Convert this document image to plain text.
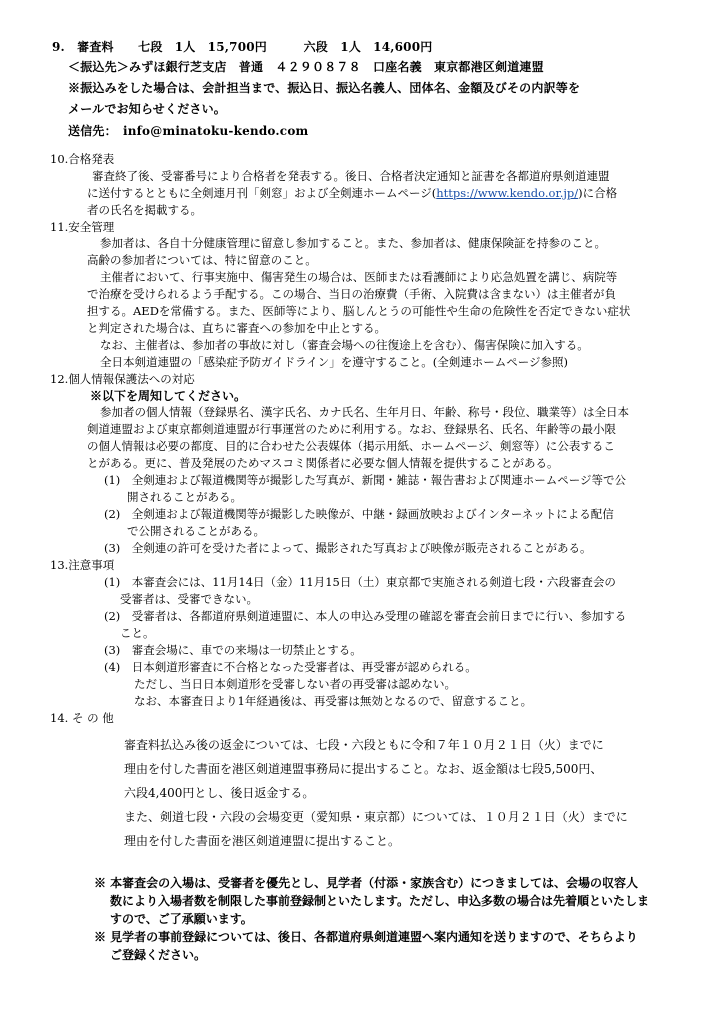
9.　審査料　　七段　1人　15,700円　　　六段　1人　14,600円
＜振込先＞みずほ銀行芝支店　普通　４２９０８７８　口座名義　東京都港区剣道連盟
※振込みをした場合は、会計担当まで、振込日、振込名義人、団体名、金額及びその内訳等を
メールでお知らせください。
送信先：　info@minatoku-kendo.com
10.合格発表
審査終了後、受審番号により合格者を発表する。後日、合格者決定通知と証書を各都道府県剣道連盟
に送付するとともに全剣連月刊「剣窓」および全剣連ホームページ(https://www.kendo.or.jp/)に合格
者の氏名を掲載する。
11.安全管理
参加者は、各自十分健康管理に留意し参加すること。また、参加者は、健康保険証を持参のこと。
高齢の参加者については、特に留意のこと。
主催者において、行事実施中、傷害発生の場合は、医師または看護師により応急処置を講じ、病院等
で治療を受けられるよう手配する。この場合、当日の治療費（手術、入院費は含まない）は主催者が負
担する。AEDを常備する。また、医師等により、脳しんとうの可能性や生命の危険性を否定できない症状
と判定された場合は、直ちに審査への参加を中止とする。
なお、主催者は、参加者の事故に対し（審査会場への往復途上を含む）、傷害保険に加入する。
全日本剣道連盟の「感染症予防ガイドライン」を遵守すること。(全剣連ホームページ参照)
12.個人情報保護法への対応
※以下を周知してください。
参加者の個人情報（登録県名、漢字氏名、カナ氏名、生年月日、年齢、称号・段位、職業等）は全日本
剣道連盟および東京都剣道連盟が行事運営のために利用する。なお、登録県名、氏名、年齢等の最小限
の個人情報は必要の都度、目的に合わせた公表媒体（掲示用紙、ホームページ、剣窓等）に公表するこ
とがある。更に、普及発展のためマスコミ関係者に必要な個人情報を提供することがある。
(1)　全剣連および報道機関等が撮影した写真が、新聞・雑誌・報告書および関連ホームページ等で公
開されることがある。
(2)　全剣連および報道機関等が撮影した映像が、中継・録画放映およびインターネットによる配信
で公開されることがある。
(3)　全剣連の許可を受けた者によって、撮影された写真および映像が販売されることがある。
13.注意事項
(1)　本審査会には、11月14日（金）11月15日（土）東京都で実施される剣道七段・六段審査会の
受審者は、受審できない。
(2)　受審者は、各都道府県剣道連盟に、本人の申込み受理の確認を審査会前日までに行い、参加する
こと。
(3)　審査会場に、車での来場は一切禁止とする。
(4)　日本剣道形審査に不合格となった受審者は、再受審が認められる。
ただし、当日日本剣道形を受審しない者の再受審は認めない。
なお、本審査日より1年経過後は、再受審は無効となるので、留意すること。
14. そ の 他
審査料払込み後の返金については、七段・六段ともに令和７年１０月２１日（火）までに
理由を付した書面を港区剣道連盟事務局に提出すること。なお、返金額は七段5,500円、
六段4,400円とし、後日返金する。
また、剣道七段・六段の会場変更（愛知県・東京都）については、１０月２１日（火）までに
理由を付した書面を港区剣道連盟に提出すること。
※ 本審査会の入場は、受審者を優先とし、見学者（付添・家族含む）につきましては、会場の収容人
数により入場者数を制限した事前登録制といたします。ただし、申込多数の場合は先着順といたしま
すので、ご了承願います。
※ 見学者の事前登録については、後日、各都道府県剣道連盟へ案内通知を送りますので、そちらより
ご登録ください。
